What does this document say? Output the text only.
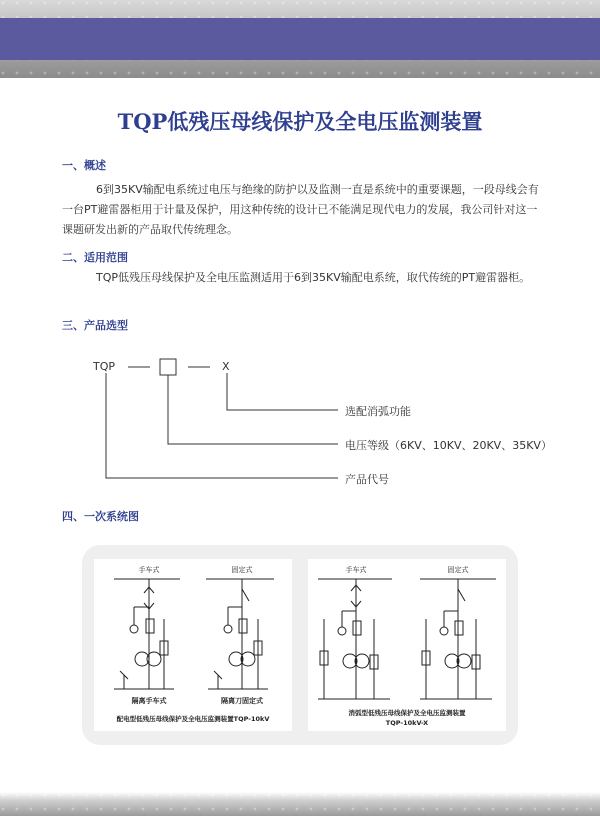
TQP低残压母线保护及全电压监测装置
一、概述
6到35KV输配电系统过电压与绝缘的防护以及监测一直是系统中的重要课题，一段母线会有一台PT避雷器柜用于计量及保护，用这种传统的设计已不能满足现代电力的发展，我公司针对这一课题研发出新的产品取代传统理念。
二、适用范围
TQP低残压母线保护及全电压监测适用于6到35KV输配电系统，取代传统的PT避雷器柜。
三、产品选型
TQP	X
选配消弧功能
电压等级（6KV、10KV、20KV、35KV）
产品代号
四、一次系统图
手车式	固定式
隔离手车式	隔离刀固定式
配电型低残压母线保护及全电压监测装置TQP-10kV
手车式	固定式
消弧型低残压母线保护及全电压监测装置
TQP-10kV-X
